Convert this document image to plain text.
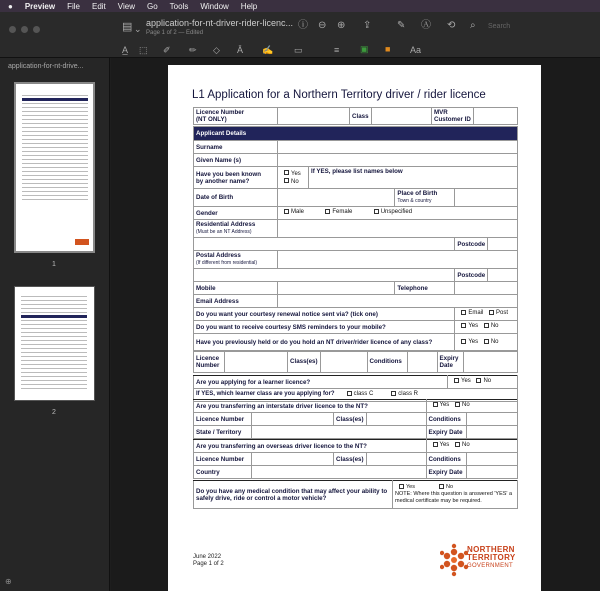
● Preview File Edit View Go Tools Window Help
▤ ⌄
application-for-nt-driver-rider-licenc...
Page 1 of 2 — Edited
ⓘ ⊖ ⊕ ⇪	✎ Ⓐ ⟲ ⌕ Search
A̲ ⬚ ✐ ✏ ◇ Ā ✍ ▭	≡ ▣ ■ Aa
application-for-nt-drive...
1
2
⊕
L1 Application for a Northern Territory driver / rider licence
Licence Number
(NT ONLY)		Class		MVR
Customer ID	
Applicant Details					
Surname					
Given Name (s)					
Have you been known
by another name?	Yes
No	If YES, please list names below			
Date of Birth			Place of Birth
Town & country		
Gender	Male Female Unspecified				
Residential Address
(Must be an NT Address)					
				Postcode	
Postal Address
(If different from residential)					
				Postcode	
Mobile			Telephone		
Email Address					
Do you want your courtesy renewal notice sent via? (tick one)				Email Post	
Do you want to receive courtesy SMS reminders to your mobile?				Yes No	
Have you previously held or do you hold an NT driver/rider licence of any class?				Yes No	
Licence
Number		Class(es)		Conditions		Expiry
Date	
Are you applying for a learner licence?	Yes No
If YES, which learner class are you applying for?	class C	class R
Are you transferring an interstate driver licence to the NT?				Yes No	
Licence Number		Class(es)		Conditions	
State / Territory				Expiry Date	
Are you transferring an overseas driver licence to the NT?				Yes No	
Licence Number		Class(es)		Conditions	
Country				Expiry Date	
Do you have any medical condition that may affect your ability to safely drive, ride or control a motor vehicle?	Yes	No
NOTE: Where this question is answered 'YES' a medical certificate may be required.
June 2022
Page 1 of 2
NORTHERN
TERRITORY
GOVERNMENT
